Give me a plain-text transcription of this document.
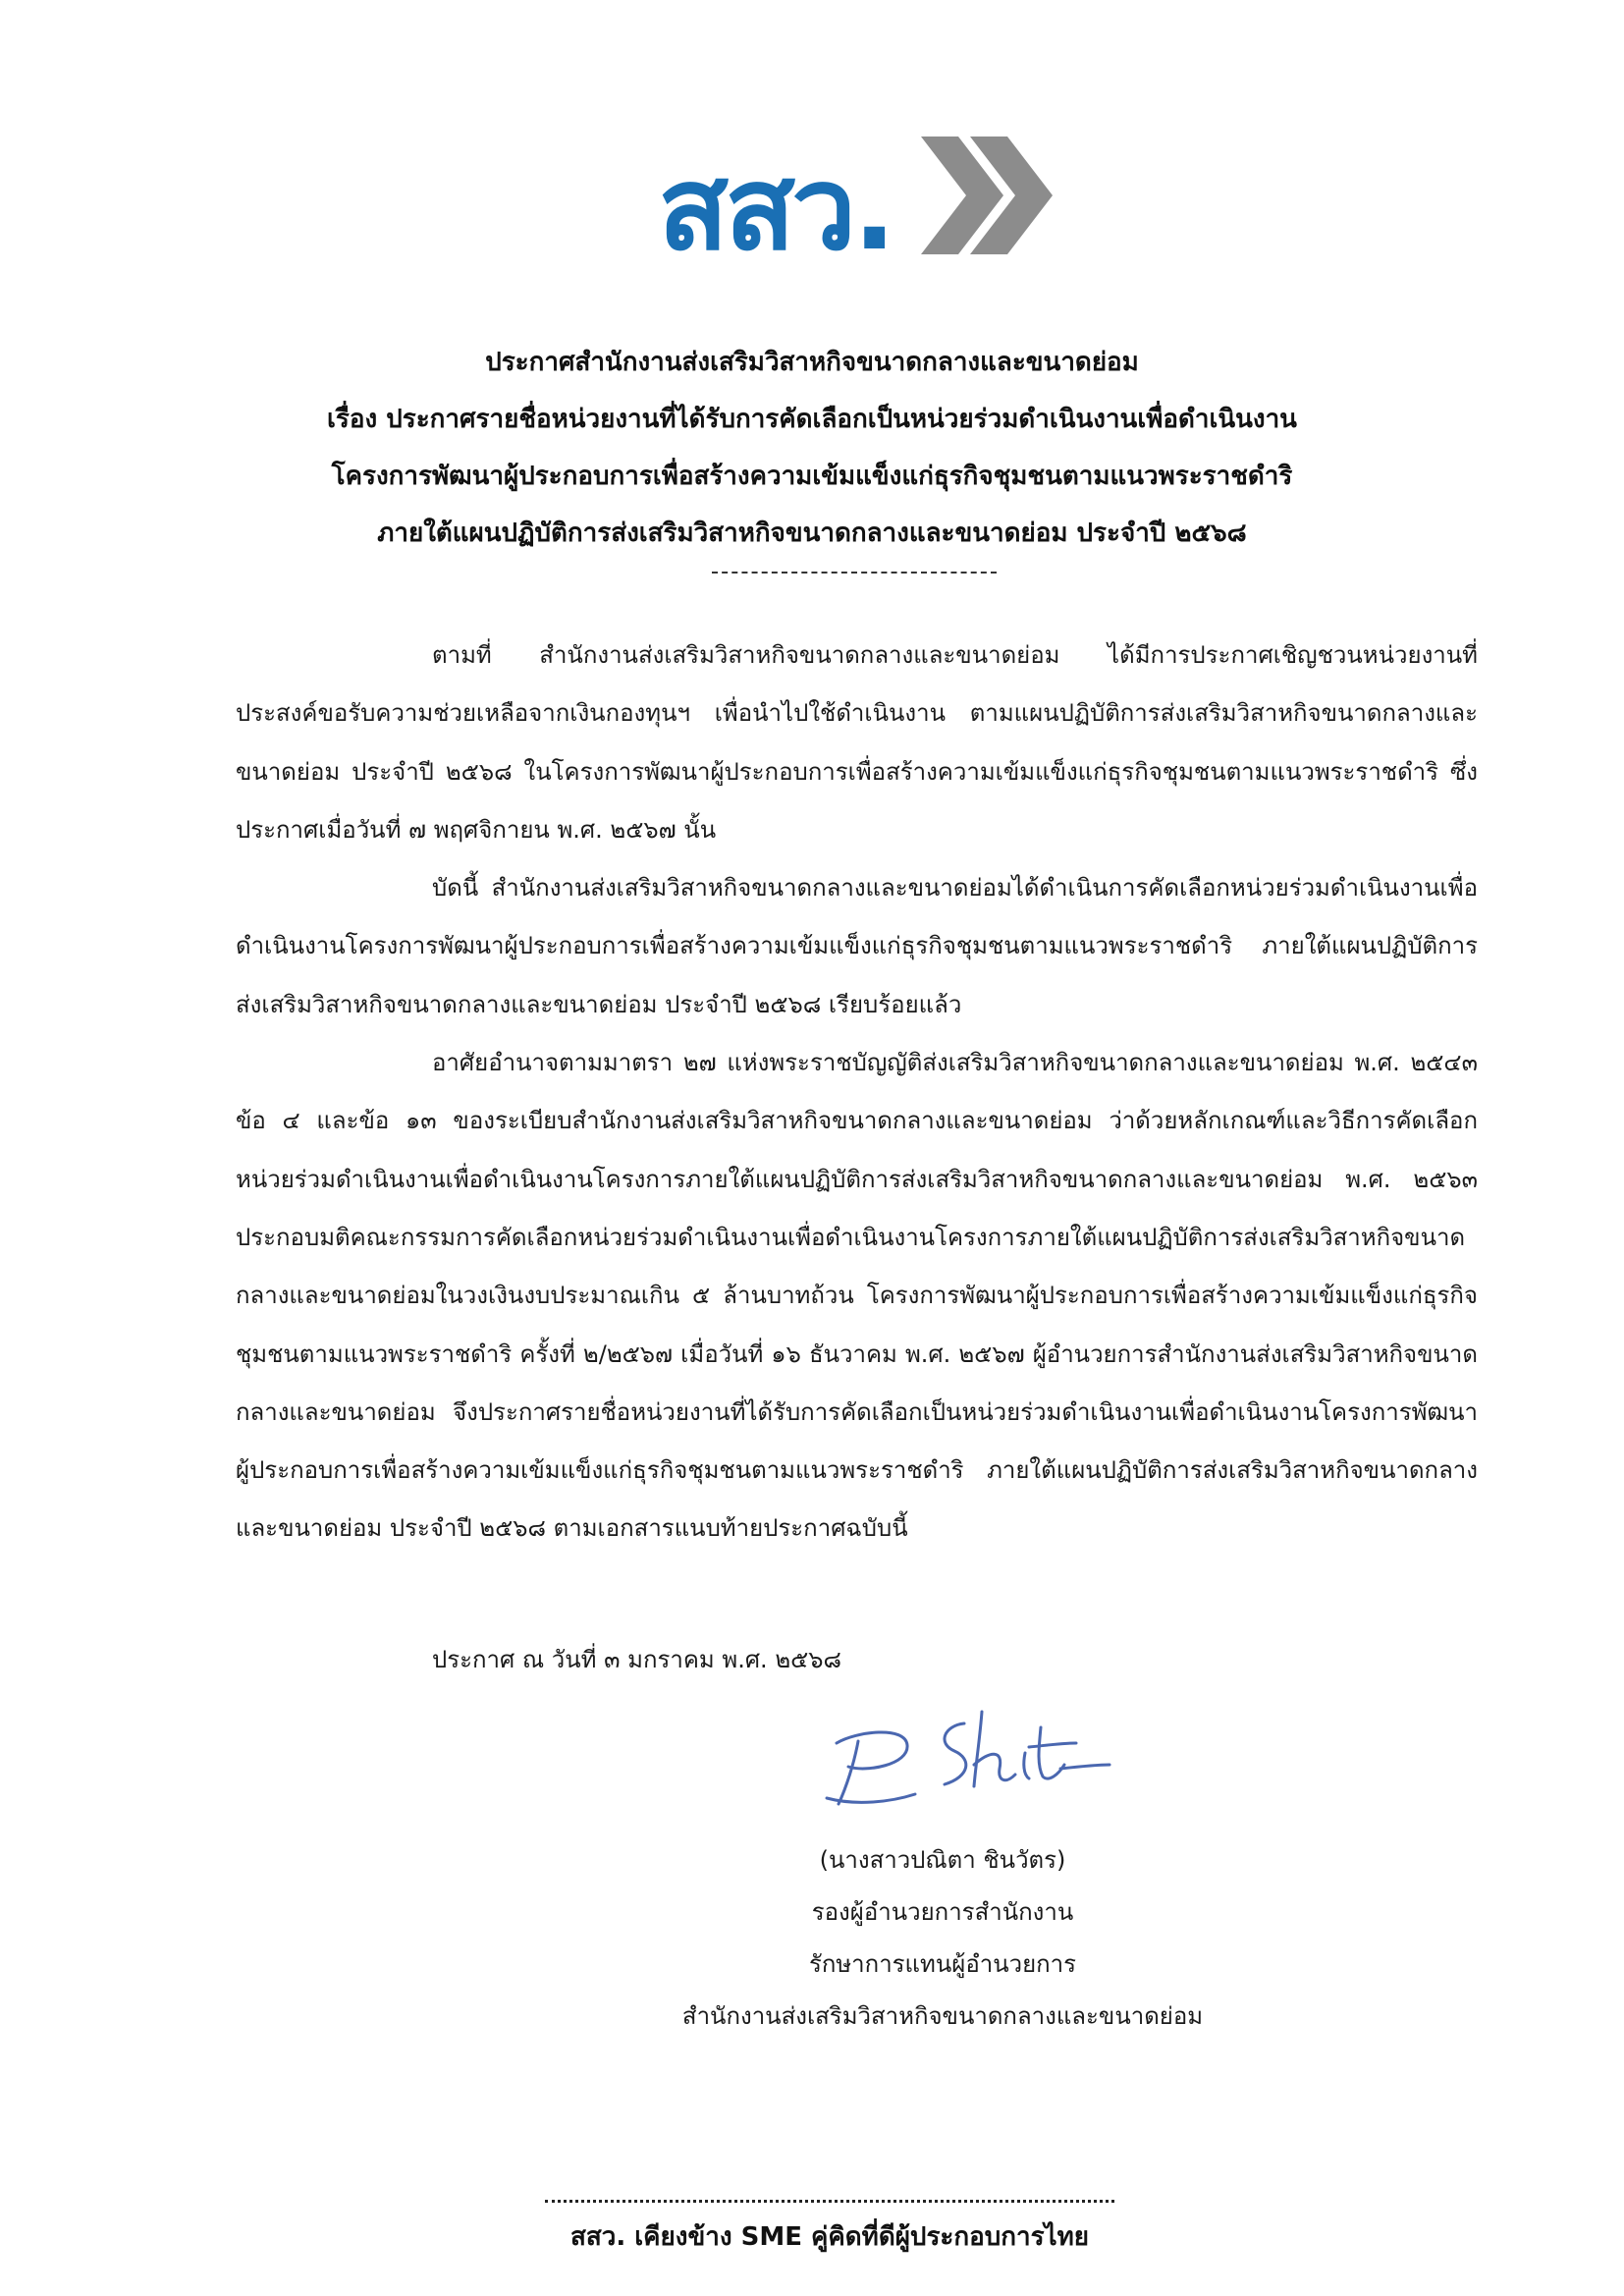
สสว.
ประกาศสำนักงานส่งเสริมวิสาหกิจขนาดกลางและขนาดย่อม
เรื่อง ประกาศรายชื่อหน่วยงานที่ได้รับการคัดเลือกเป็นหน่วยร่วมดำเนินงานเพื่อดำเนินงาน
โครงการพัฒนาผู้ประกอบการเพื่อสร้างความเข้มแข็งแก่ธุรกิจชุมชนตามแนวพระราชดำริ
ภายใต้แผนปฏิบัติการส่งเสริมวิสาหกิจขนาดกลางและขนาดย่อม ประจำปี ๒๕๖๘

ตามที่ สำนักงานส่งเสริมวิสาหกิจขนาดกลางและขนาดย่อม ได้มีการประกาศเชิญชวนหน่วยงานที่ประสงค์ขอรับความช่วยเหลือจากเงินกองทุนฯ เพื่อนำไปใช้ดำเนินงาน ตามแผนปฏิบัติการส่งเสริมวิสาหกิจขนาดกลางและขนาดย่อม ประจำปี ๒๕๖๘ ในโครงการพัฒนาผู้ประกอบการเพื่อสร้างความเข้มแข็งแก่ธุรกิจชุมชนตามแนวพระราชดำริ ซึ่งประกาศเมื่อวันที่ ๗ พฤศจิกายน พ.ศ. ๒๕๖๗ นั้น

บัดนี้ สำนักงานส่งเสริมวิสาหกิจขนาดกลางและขนาดย่อมได้ดำเนินการคัดเลือกหน่วยร่วมดำเนินงานเพื่อดำเนินงานโครงการพัฒนาผู้ประกอบการเพื่อสร้างความเข้มแข็งแก่ธุรกิจชุมชนตามแนวพระราชดำริ ภายใต้แผนปฏิบัติการส่งเสริมวิสาหกิจขนาดกลางและขนาดย่อม ประจำปี ๒๕๖๘ เรียบร้อยแล้ว

อาศัยอำนาจตามมาตรา ๒๗ แห่งพระราชบัญญัติส่งเสริมวิสาหกิจขนาดกลางและขนาดย่อม พ.ศ. ๒๕๔๓ ข้อ ๔ และข้อ ๑๓ ของระเบียบสำนักงานส่งเสริมวิสาหกิจขนาดกลางและขนาดย่อม ว่าด้วยหลักเกณฑ์และวิธีการคัดเลือกหน่วยร่วมดำเนินงานเพื่อดำเนินงานโครงการภายใต้แผนปฏิบัติการส่งเสริมวิสาหกิจขนาดกลางและขนาดย่อม พ.ศ. ๒๕๖๓ ประกอบมติคณะกรรมการคัดเลือกหน่วยร่วมดำเนินงานเพื่อดำเนินงานโครงการภายใต้แผนปฏิบัติการส่งเสริมวิสาหกิจขนาดกลางและขนาดย่อมในวงเงินงบประมาณเกิน ๕ ล้านบาทถ้วน โครงการพัฒนาผู้ประกอบการเพื่อสร้างความเข้มแข็งแก่ธุรกิจชุมชนตามแนวพระราชดำริ ครั้งที่ ๒/๒๕๖๗ เมื่อวันที่ ๑๖ ธันวาคม พ.ศ. ๒๕๖๗ ผู้อำนวยการสำนักงานส่งเสริมวิสาหกิจขนาดกลางและขนาดย่อม จึงประกาศรายชื่อหน่วยงานที่ได้รับการคัดเลือกเป็นหน่วยร่วมดำเนินงานเพื่อดำเนินงานโครงการพัฒนาผู้ประกอบการเพื่อสร้างความเข้มแข็งแก่ธุรกิจชุมชนตามแนวพระราชดำริ ภายใต้แผนปฏิบัติการส่งเสริมวิสาหกิจขนาดกลางและขนาดย่อม ประจำปี ๒๕๖๘ ตามเอกสารแนบท้ายประกาศฉบับนี้

ประกาศ ณ วันที่ ๓ มกราคม พ.ศ. ๒๕๖๘
(นางสาวปณิตา ชินวัตร)
รองผู้อำนวยการสำนักงาน
รักษาการแทนผู้อำนวยการ
สำนักงานส่งเสริมวิสาหกิจขนาดกลางและขนาดย่อม
สสว. เคียงข้าง SME คู่คิดที่ดีผู้ประกอบการไทย
